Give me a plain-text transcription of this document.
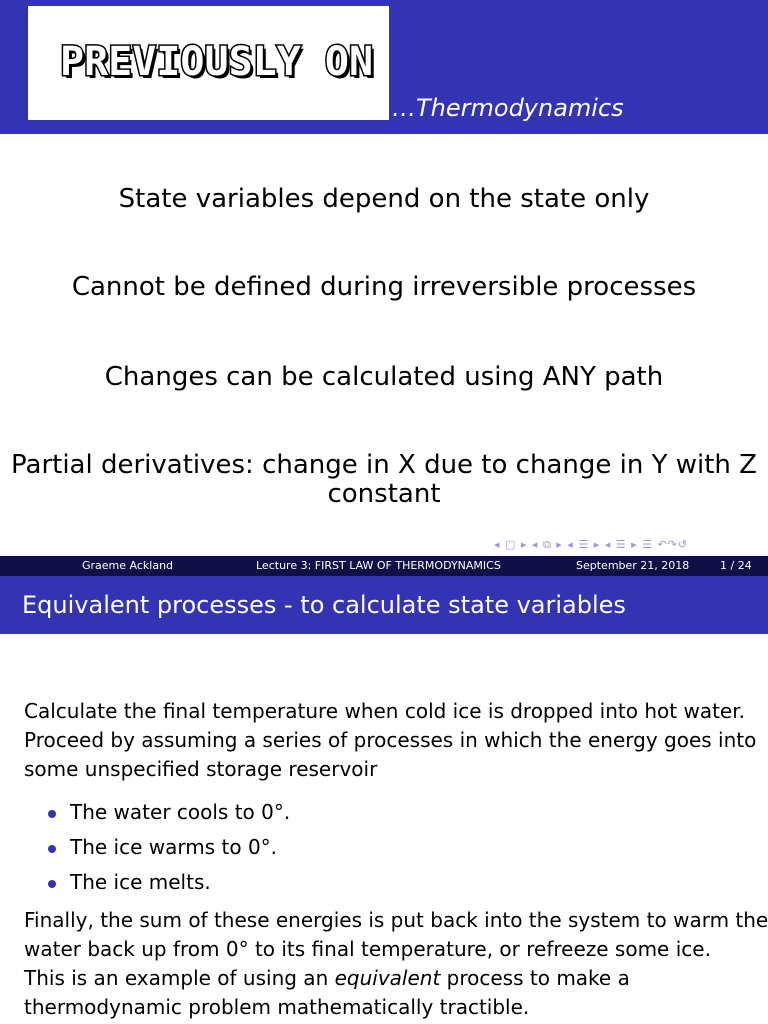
PREVIOUSLY ON
…Thermodynamics
State variables depend on the state only
Cannot be defined during irreversible processes
Changes can be calculated using ANY path
Partial derivatives: change in X due to change in Y with Z
constant
◂ ▢ ▸ ◂ ⧉ ▸ ◂ ☰ ▸ ◂ ☰ ▸ ☰ ↶↷↺
Graeme Ackland	Lecture 3: FIRST LAW OF THERMODYNAMICS	September 21, 2018	1 / 24
Equivalent processes - to calculate state variables
Calculate the final temperature when cold ice is dropped into hot water.
Proceed by assuming a series of processes in which the energy goes into
some unspecified storage reservoir
The water cools to 0°.
The ice warms to 0°.
The ice melts.
Finally, the sum of these energies is put back into the system to warm the
water back up from 0° to its final temperature, or refreeze some ice.
This is an example of using an equivalent process to make a
thermodynamic problem mathematically tractible.
